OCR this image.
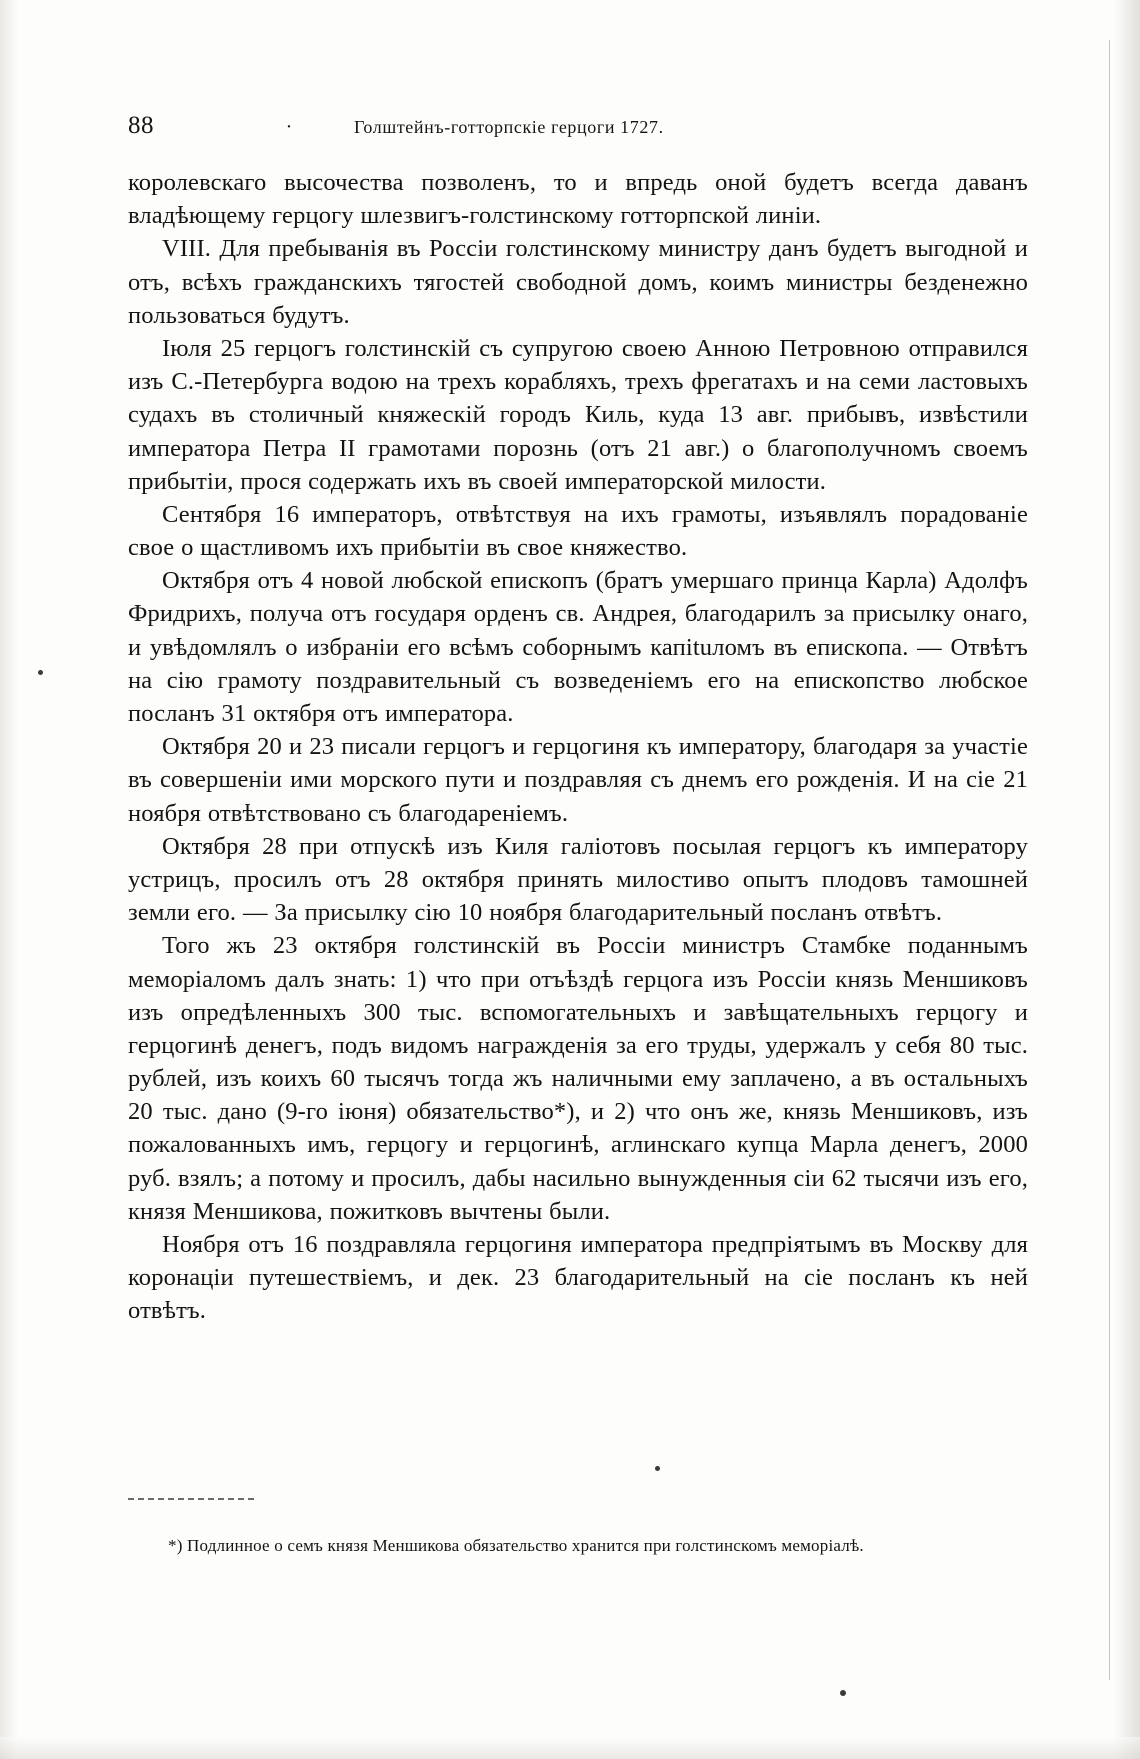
88	·	Голштейнъ-готторпскіе герцоги 1727.

королевскаго высочества позволенъ, то и впредь оной будетъ всегда даванъ владѣющему герцогу шлезвигъ-голстинскому готторпской линіи.

VIII. Для пребыванія въ Россіи голстинскому министру данъ будетъ выгодной и отъ, всѣхъ гражданскихъ тягостей свободной домъ, коимъ министры безденежно пользоваться будутъ.

Іюля 25 герцогъ голстинскій съ супругою своею Анною Петровною отправился изъ С.-Петербурга водою на трехъ корабляхъ, трехъ фрегатахъ и на семи ластовыхъ судахъ въ столичный княжескій городъ Киль, куда 13 авг. прибывъ, извѣстили императора Петра II грамотами порознь (отъ 21 авг.) о благополучномъ своемъ прибытіи, прося содержать ихъ въ своей императорской милости.

Сентября 16 императоръ, отвѣтствуя на ихъ грамоты, изъявлялъ порадованіе свое о щастливомъ ихъ прибытіи въ свое княжество.

Октября отъ 4 новой любской епископъ (братъ умершаго принца Карла) Адолфъ Фридрихъ, получа отъ государя орденъ св. Андрея, благодарилъ за присылку онаго, и увѣдомлялъ о избраніи его всѣмъ соборнымъ капituломъ въ епископа. — Отвѣтъ на сію грамоту поздравительный съ возведеніемъ его на епископство любское посланъ 31 октября отъ императора.

Октября 20 и 23 писали герцогъ и герцогиня къ императору, благодаря за участіе въ совершеніи ими морского пути и поздравляя съ днемъ его рожденія. И на сіе 21 ноября отвѣтствовано съ благодареніемъ.

Октября 28 при отпускѣ изъ Киля галіотовъ посылая герцогъ къ императору устрицъ, просилъ отъ 28 октября принять милостиво опытъ плодовъ тамошней земли его. — За присылку сію 10 ноября благодарительный посланъ отвѣтъ.

Того жъ 23 октября голстинскій въ Россіи министръ Стамбке поданнымъ меморіаломъ далъ знать: 1) что при отъѣздѣ герцога изъ Россіи князь Меншиковъ изъ опредѣленныхъ 300 тыс. вспомогательныхъ и завѣщательныхъ герцогу и герцогинѣ денегъ, подъ видомъ награжденія за его труды, удержалъ у себя 80 тыс. рублей, изъ коихъ 60 тысячъ тогда жъ наличными ему заплачено, а въ остальныхъ 20 тыс. дано (9-го іюня) обязательство*), и 2) что онъ же, князь Меншиковъ, изъ пожалованныхъ имъ, герцогу и герцогинѣ, аглинскаго купца Марла денегъ, 2000 руб. взялъ; а потому и просилъ, дабы насильно вынужденныя сіи 62 тысячи изъ его, князя Меншикова, пожитковъ вычтены были.

Ноября отъ 16 поздравляла герцогиня императора предпріятымъ въ Москву для коронаціи путешествіемъ, и дек. 23 благодарительный на сіе посланъ къ ней отвѣтъ.

*) Подлинное о семъ князя Меншикова обязательство хранится при голстинскомъ меморіалѣ.
